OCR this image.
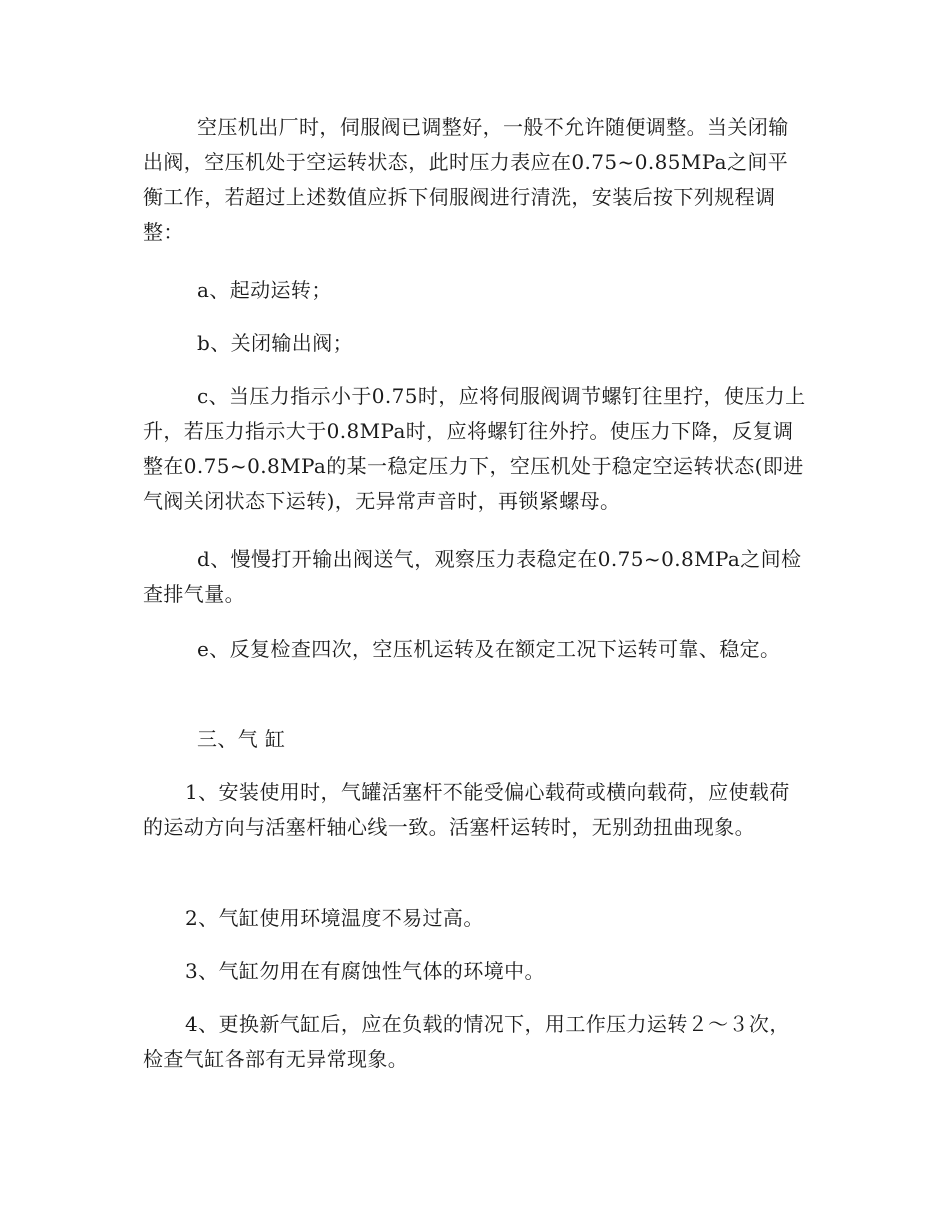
空压机出厂时，伺服阀已调整好，一般不允许随便调整。当关闭输出阀，空压机处于空运转状态，此时压力表应在0.75~0.85MPa之间平衡工作，若超过上述数值应拆下伺服阀进行清洗，安装后按下列规程调整：

a、起动运转；

b、关闭输出阀；

c、当压力指示小于0.75时，应将伺服阀调节螺钉往里拧，使压力上升，若压力指示大于0.8MPa时，应将螺钉往外拧。使压力下降，反复调整在0.75~0.8MPa的某一稳定压力下，空压机处于稳定空运转状态(即进气阀关闭状态下运转)，无异常声音时，再锁紧螺母。

d、慢慢打开输出阀送气，观察压力表稳定在0.75~0.8MPa之间检查排气量。

e、反复检查四次，空压机运转及在额定工况下运转可靠、稳定。

三、气 缸

1、安装使用时，气罐活塞杆不能受偏心载荷或横向载荷，应使载荷的运动方向与活塞杆轴心线一致。活塞杆运转时，无别劲扭曲现象。

2、气缸使用环境温度不易过高。

3、气缸勿用在有腐蚀性气体的环境中。

4、更换新气缸后，应在负载的情况下，用工作压力运转２～３次，检查气缸各部有无异常现象。
